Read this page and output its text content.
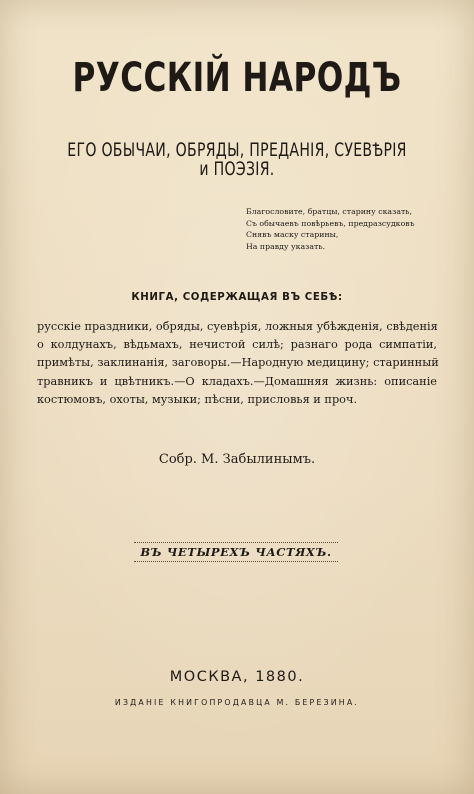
РУССКІЙ НАРОДЪ
ЕГО ОБЫЧАИ, ОБРЯДЫ, ПРЕДАНІЯ, СУЕВѢРІЯ и ПОЭЗІЯ.
Благословите, братцы, старину сказать,
Съ обычаевъ повѣрьевъ, предразсудковъ
Снявъ маску старины,
На правду указать.
КНИГА, СОДЕРЖАЩАЯ ВЪ СЕБѢ:
русскіе праздники, обряды, суевѣрія, ложныя убѣжденія, свѣденія
о колдунахъ, вѣдьмахъ, нечистой силѣ; разнаго рода симпатіи,
примѣты, заклинанія, заговоры.—Народную медицину; старинный
травникъ и цвѣтникъ.—О кладахъ.—Домашняя жизнь: описаніе
костюмовъ, охоты, музыки; пѣсни, присловья и проч.
Собр. М. Забылинымъ.
ВЪ ЧЕТЫРЕХЪ ЧАСТЯХЪ.
МОСКВА, 1880.
ИЗДАНІЕ КНИГОПРОДАВЦА М. БЕРЕЗИНА.
